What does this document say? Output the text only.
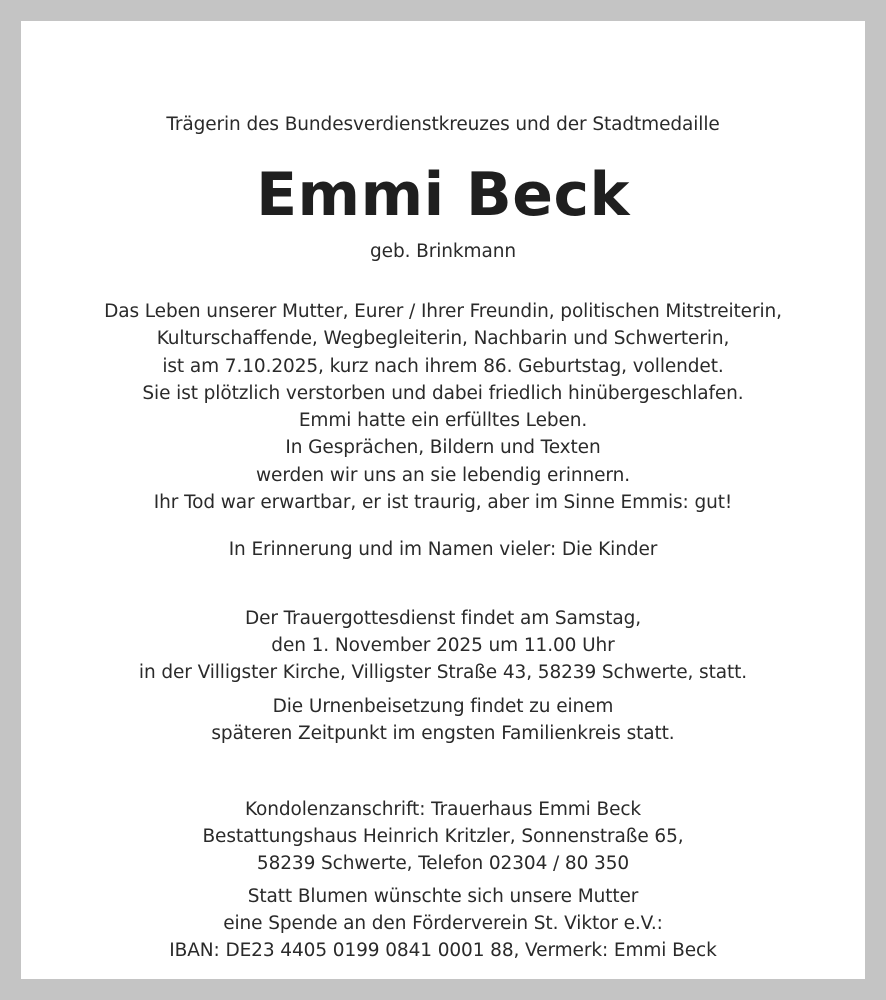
Trägerin des Bundesverdienstkreuzes und der Stadtmedaille
Emmi Beck
geb. Brinkmann
Das Leben unserer Mutter, Eurer / Ihrer Freundin, politischen Mitstreiterin,
Kulturschaffende, Wegbegleiterin, Nachbarin und Schwerterin,
ist am 7.10.2025, kurz nach ihrem 86. Geburtstag, vollendet.
Sie ist plötzlich verstorben und dabei friedlich hinübergeschlafen.
Emmi hatte ein erfülltes Leben.
In Gesprächen, Bildern und Texten
werden wir uns an sie lebendig erinnern.
Ihr Tod war erwartbar, er ist traurig, aber im Sinne Emmis: gut!
In Erinnerung und im Namen vieler: Die Kinder
Der Trauergottesdienst findet am Samstag,
den 1. November 2025 um 11.00 Uhr
in der Villigster Kirche, Villigster Straße 43, 58239 Schwerte, statt.
Die Urnenbeisetzung findet zu einem
späteren Zeitpunkt im engsten Familienkreis statt.
Kondolenzanschrift: Trauerhaus Emmi Beck
Bestattungshaus Heinrich Kritzler, Sonnenstraße 65,
58239 Schwerte, Telefon 02304 / 80 350
Statt Blumen wünschte sich unsere Mutter
eine Spende an den Förderverein St. Viktor e.V.:
IBAN: DE23 4405 0199 0841 0001 88, Vermerk: Emmi Beck
